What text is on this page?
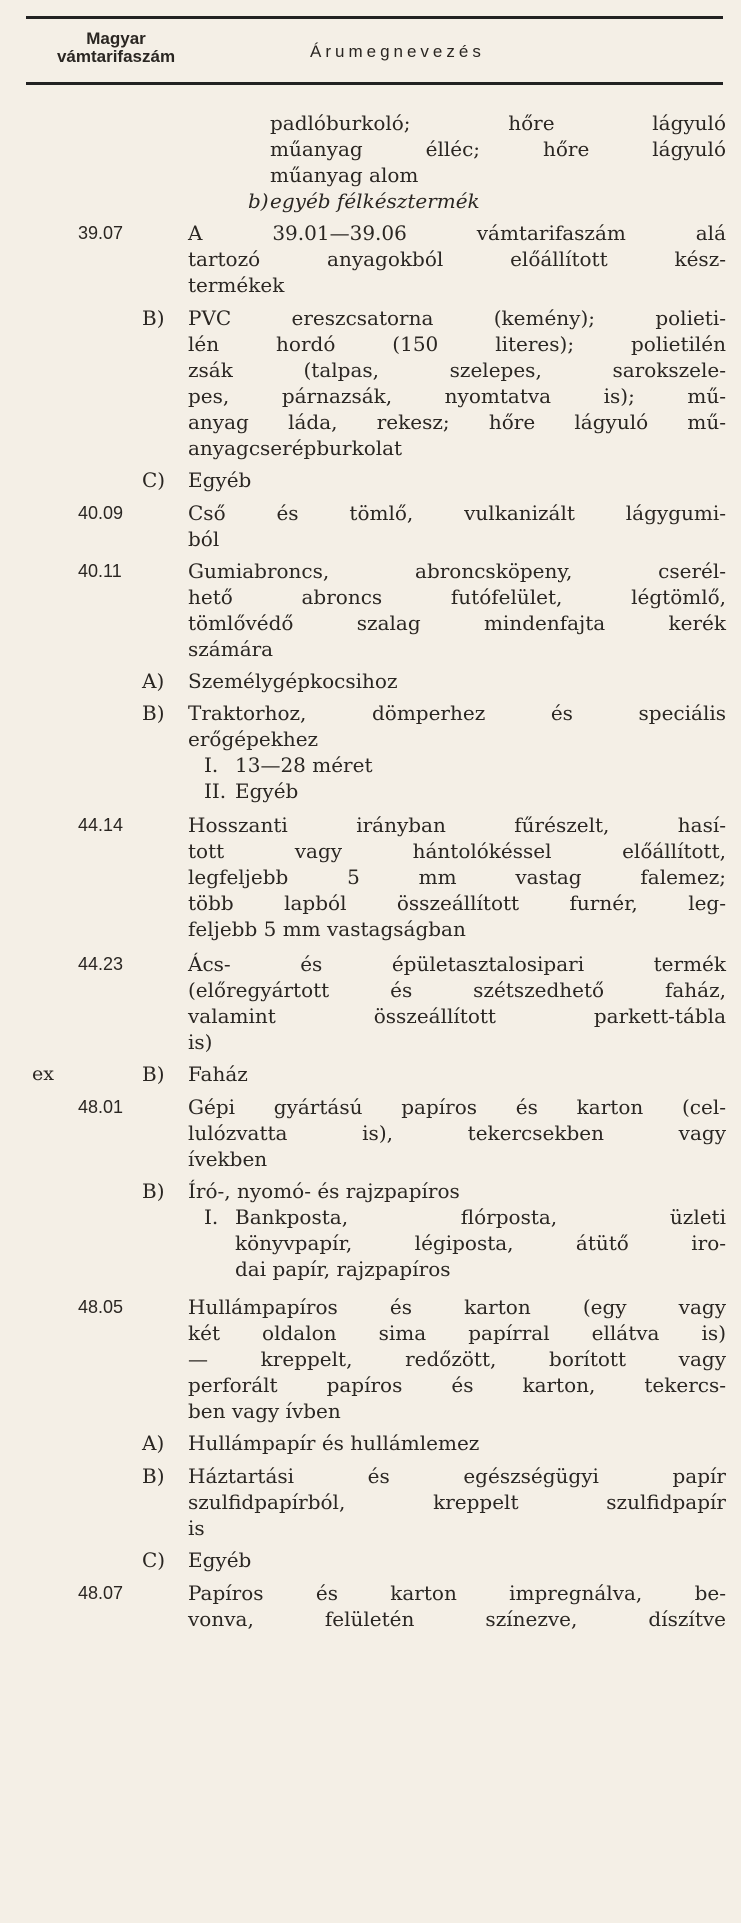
Magyar
vámtarifaszám	Árumegnevezés
padlóburkoló; hőre lágyuló
műanyag élléc; hőre lágyuló
műanyag alom
egyéb félkésztermék
A 39.01—39.06 vámtarifaszám alá
tartozó anyagokból előállított kész-
termékek
PVC ereszcsatorna (kemény); polieti-
lén hordó (150 literes); polietilén
zsák (talpas, szelepes, sarokszele-
pes, párnazsák, nyomtatva is); mű-
anyag láda, rekesz; hőre lágyuló mű-
anyagcserépburkolat
Egyéb
Cső és tömlő, vulkanizált lágygumi-
ból
Gumiabroncs, abroncsköpeny, cserél-
hető abroncs futófelület, légtömlő,
tömlővédő szalag mindenfajta kerék
számára
Személygépkocsihoz
Traktorhoz, dömperhez és speciális
erőgépekhez
13—28 méret
Egyéb
Hosszanti irányban fűrészelt, hasí-
tott vagy hántolókéssel előállított,
legfeljebb 5 mm vastag falemez;
több lapból összeállított furnér, leg-
feljebb 5 mm vastagságban
Ács- és épületasztalosipari termék
(előregyártott és szétszedhető faház,
valamint összeállított parkett-tábla
is)
Faház
Gépi gyártású papíros és karton (cel-
lulózvatta is), tekercsekben vagy
ívekben
Író-, nyomó- és rajzpapíros
Bankposta, flórposta, üzleti
könyvpapír, légiposta, átütő iro-
dai papír, rajzpapíros
Hullámpapíros és karton (egy vagy
két oldalon sima papírral ellátva is)
— kreppelt, redőzött, borított vagy
perforált papíros és karton, tekercs-
ben vagy ívben
Hullámpapír és hullámlemez
Háztartási és egészségügyi papír
szulfidpapírból, kreppelt szulfidpapír
is
Egyéb
Papíros és karton impregnálva, be-
vonva, felületén színezve, díszítve
39.07
40.09
40.11
44.14
44.23
48.01
48.05
48.07
b)
B)
C)
A)
B)
B)
B)
A)
B)
C)
I.
II.
I.
ex
